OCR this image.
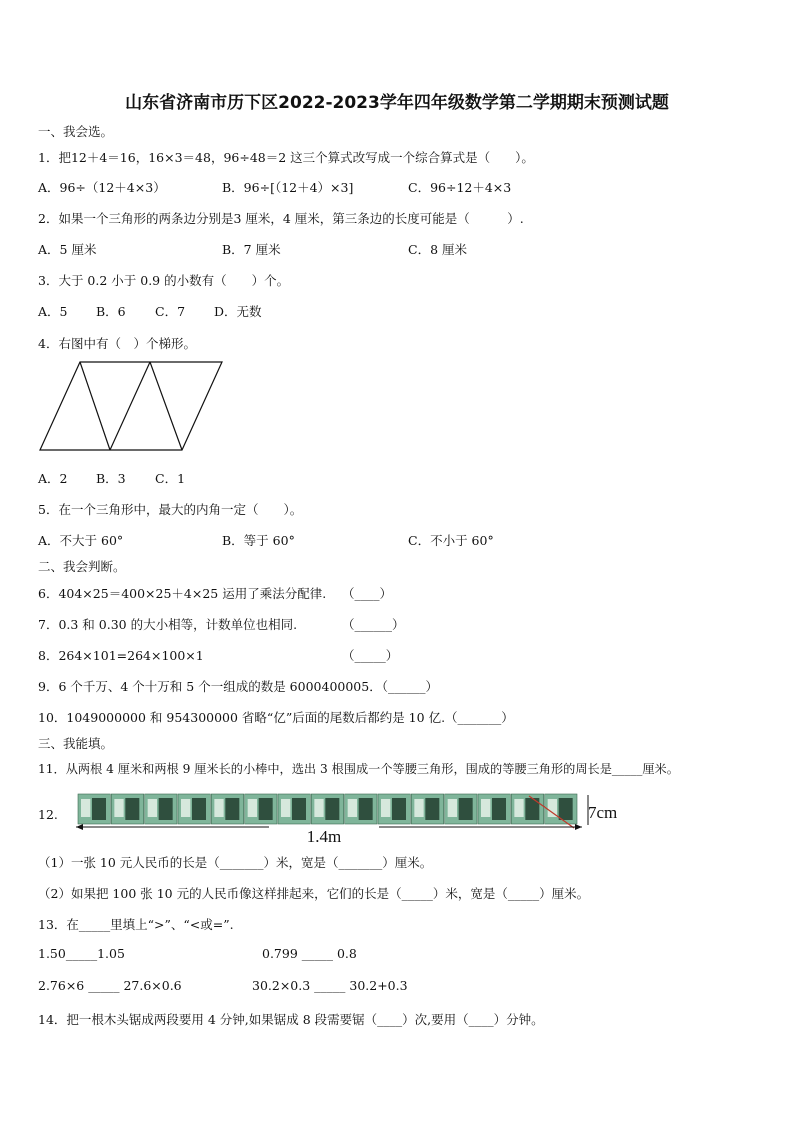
山东省济南市历下区2022-2023学年四年级数学第二学期期末预测试题
一、我会选。
1．把12＋4＝16，16×3＝48，96÷48＝2 这三个算式改写成一个综合算式是（　　）。
A．96÷（12＋4×3）	B．96÷[（12＋4）×3]	C．96÷12＋4×3
2．如果一个三角形的两条边分别是3 厘米，4 厘米，第三条边的长度可能是（　　　）.
A．5 厘米	B．7 厘米	C．8 厘米
3．大于 0.2 小于 0.9 的小数有（　　）个。
A．5 B．6 C．7 D．无数
4．右图中有（　）个梯形。
A．2 B．3 C．1
5．在一个三角形中，最大的内角一定（　　）。
A．不大于 60°	B．等于 60°	C．不小于 60°
二、我会判断。
6．404×25＝400×25＋4×25 运用了乘法分配律. （____）
7．0.3 和 0.30 的大小相等，计数单位也相同.	（______）
8．264×101=264×100×1	（_____）
9．6 个千万、4 个十万和 5 个一组成的数是 6000400005．（______）
10．1049000000 和 954300000 省略“亿”后面的尾数后都约是 10 亿.（_______）
三、我能填。
11．从两根 4 厘米和两根 9 厘米长的小棒中，选出 3 根围成一个等腰三角形，围成的等腰三角形的周长是_____厘米。
12.
1.4m
7cm
（1）一张 10 元人民币的长是（_______）米，宽是（_______）厘米。
（2）如果把 100 张 10 元的人民币像这样排起来，它们的长是（_____）米，宽是（_____）厘米。
13．在_____里填上“>”、“<或=”.
1.50_____1.05	0.799 _____ 0.8
2.76×6 _____ 27.6×0.6	30.2×0.3 _____ 30.2+0.3
14．把一根木头锯成两段要用 4 分钟,如果锯成 8 段需要锯（____）次,要用（____）分钟。
